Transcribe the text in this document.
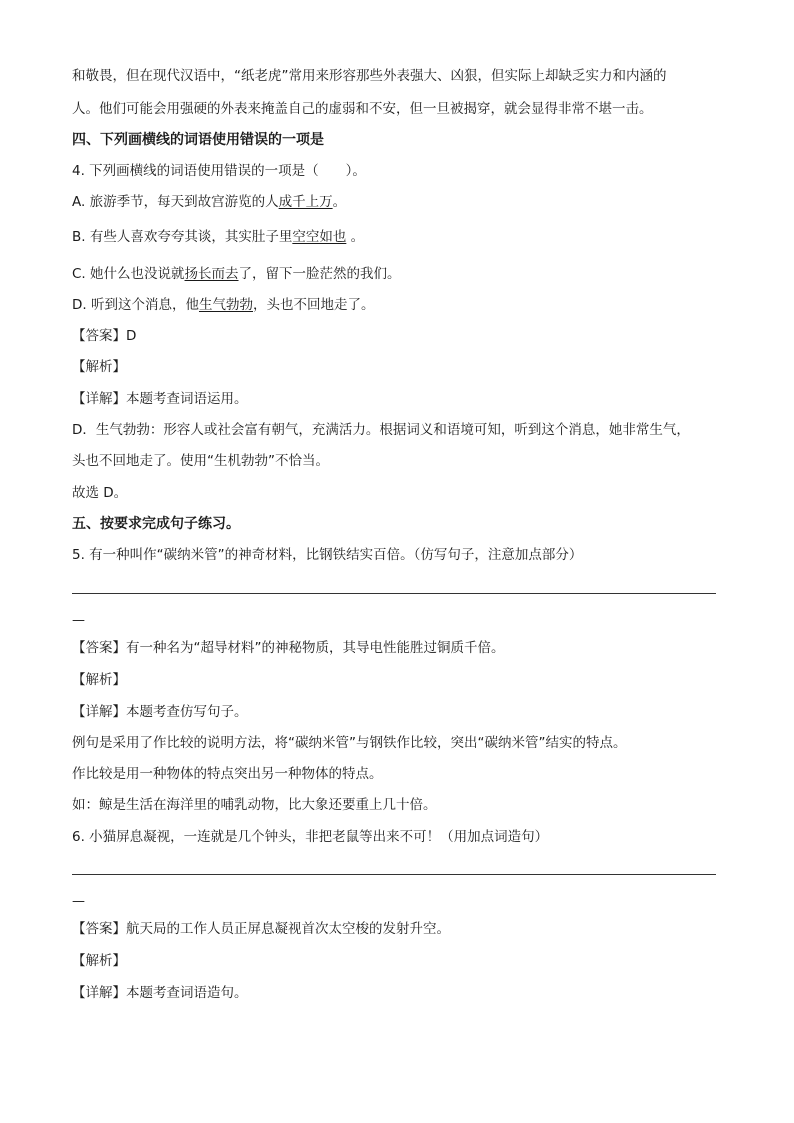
和敬畏，但在现代汉语中，“纸老虎”常用来形容那些外表强大、凶狠，但实际上却缺乏实力和内涵的
人。他们可能会用强硬的外表来掩盖自己的虚弱和不安，但一旦被揭穿，就会显得非常不堪一击。
四、下列画横线的词语使用错误的一项是
4. 下列画横线的词语使用错误的一项是（　　）。
A. 旅游季节，每天到故宫游览的人成千上万。
B. 有些人喜欢夸夸其谈，其实肚子里空空如也 。
C. 她什么也没说就扬长而去了，留下一脸茫然的我们。
D. 听到这个消息，他生气勃勃，头也不回地走了。
【答案】D
【解析】
【详解】本题考查词语运用。
D．生气勃勃：形容人或社会富有朝气，充满活力。根据词义和语境可知，听到这个消息，她非常生气，
头也不回地走了。使用“生机勃勃”不恰当。
故选 D。
五、按要求完成句子练习。
5. 有一种叫作“碳纳米管”的神奇材料，比钢铁结实百倍。（仿写句子，注意加点部分）
—
【答案】有一种名为“超导材料”的神秘物质，其导电性能胜过铜质千倍。
【解析】
【详解】本题考查仿写句子。
例句是采用了作比较的说明方法，将“碳纳米管”与钢铁作比较，突出“碳纳米管”结实的特点。
作比较是用一种物体的特点突出另一种物体的特点。
如：鲸是生活在海洋里的哺乳动物，比大象还要重上几十倍。
6. 小猫屏息凝视，一连就是几个钟头，非把老鼠等出来不可！（用加点词造句）
—
【答案】航天局的工作人员正屏息凝视首次太空梭的发射升空。
【解析】
【详解】本题考查词语造句。
